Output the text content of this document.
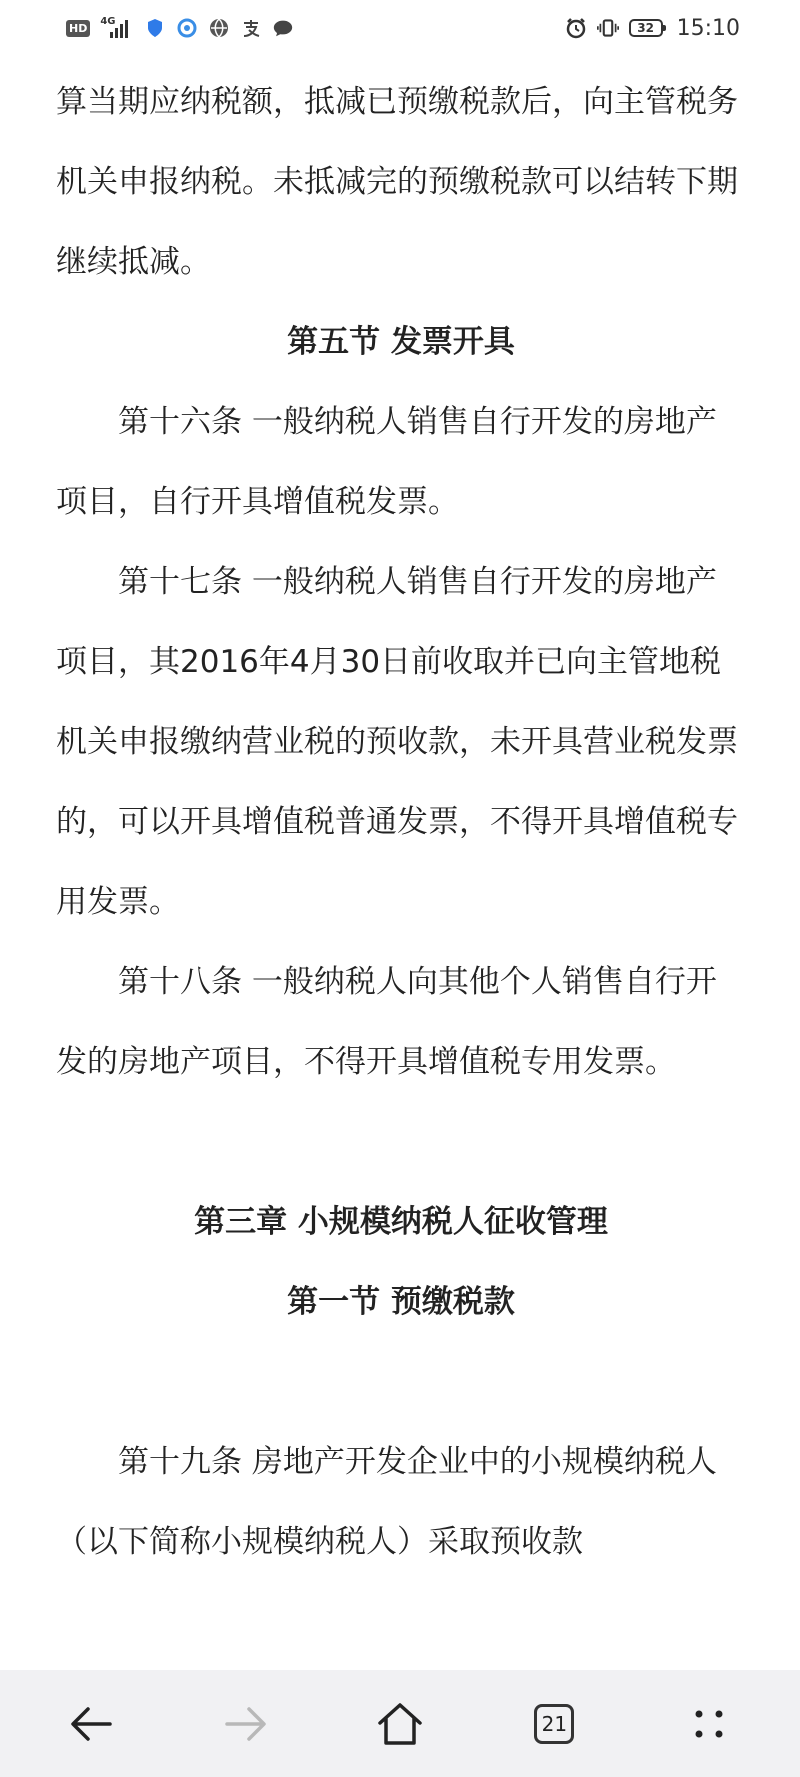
HD	4G	32 15:10

算当期应纳税额，抵减已预缴税款后，向主管税务机关申报纳税。未抵减完的预缴税款可以结转下期继续抵减。

第五节 发票开具

第十六条 一般纳税人销售自行开发的房地产项目，自行开具增值税发票。

第十七条 一般纳税人销售自行开发的房地产项目，其2016年4月30日前收取并已向主管地税机关申报缴纳营业税的预收款，未开具营业税发票的，可以开具增值税普通发票，不得开具增值税专用发票。

第十八条 一般纳税人向其他个人销售自行开发的房地产项目，不得开具增值税专用发票。

第三章 小规模纳税人征收管理

第一节 预缴税款

第十九条 房地产开发企业中的小规模纳税人（以下简称小规模纳税人）采取预收款

21
